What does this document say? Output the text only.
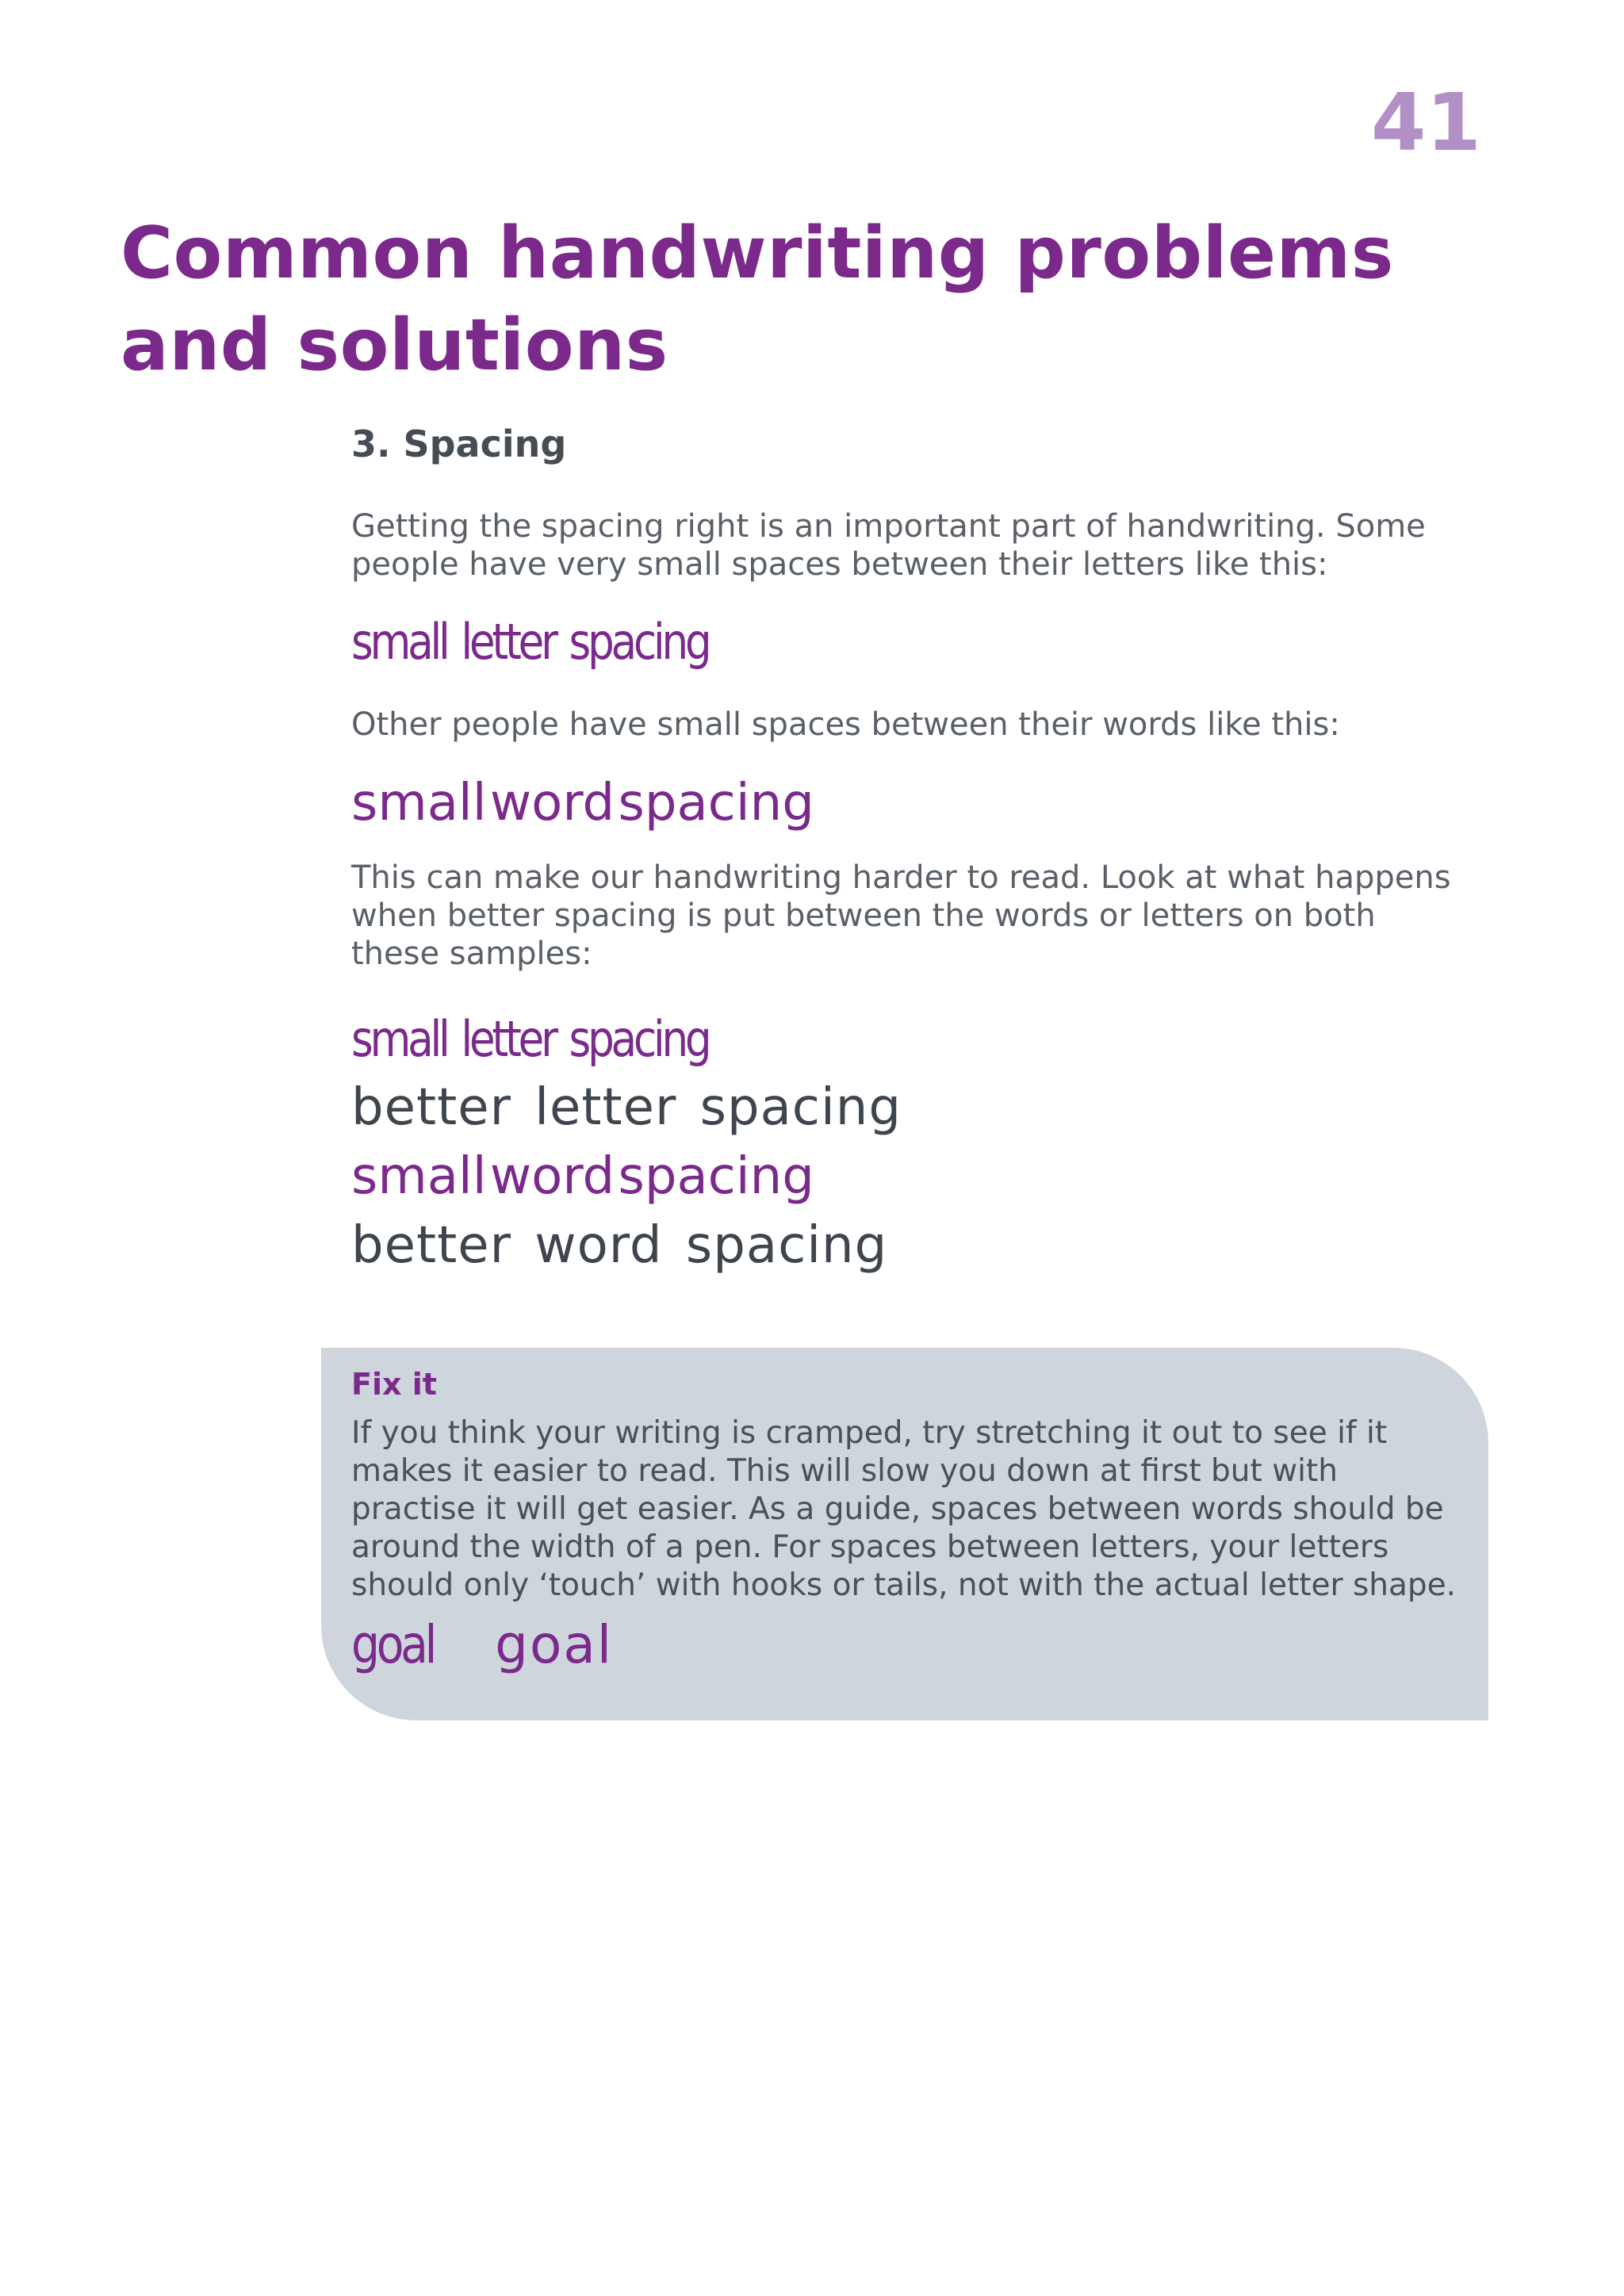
41
Common handwriting problems
and solutions
3. Spacing

Getting the spacing right is an important part of handwriting. Some people have very small spaces between their letters like this:

small letter spacing

Other people have small spaces between their words like this:

small word spacing

This can make our handwriting harder to read. Look at what happens when better spacing is put between the words or letters on both these samples:

small letter spacing

better letter spacing

small word spacing

better word spacing

Fix it

If you think your writing is cramped, try stretching it out to see if it makes it easier to read. This will slow you down at first but with practise it will get easier. As a guide, spaces between words should be around the width of a pen. For spaces between letters, your letters should only ‘touch’ with hooks or tails, not with the actual letter shape.

goal goal
